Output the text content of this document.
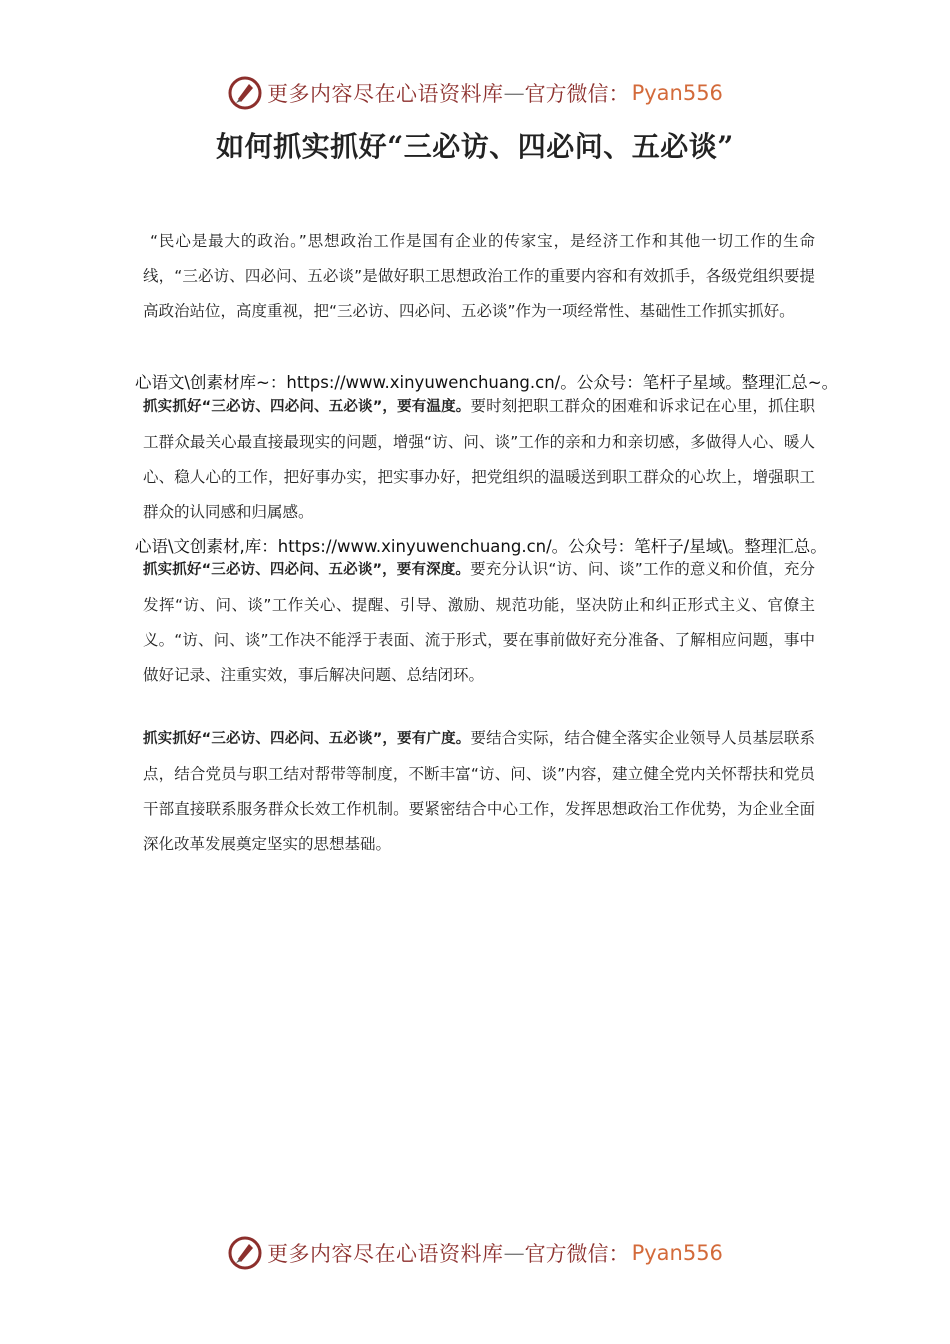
更多内容尽在心语资料库 — 官方微信： Pyan556
如何抓实抓好“三必访、四必问、五必谈”
“民心是最大的政治。”思想政治工作是国有企业的传家宝，是经济工作和其他一切工作的生命线，“三必访、四必问、五必谈”是做好职工思想政治工作的重要内容和有效抓手，各级党组织要提高政治站位，高度重视，把“三必访、四必问、五必谈”作为一项经常性、基础性工作抓实抓好。
心语文\创素材库~：https://www.xinyuwenchuang.cn/。公众号：笔杆子星域。整理汇总~。
抓实抓好“三必访、四必问、五必谈”，要有温度。要时刻把职工群众的困难和诉求记在心里，抓住职工群众最关心最直接最现实的问题，增强“访、问、谈”工作的亲和力和亲切感，多做得人心、暖人心、稳人心的工作，把好事办实，把实事办好，把党组织的温暖送到职工群众的心坎上，增强职工群众的认同感和归属感。
心语\文创素材,库：https://www.xinyuwenchuang.cn/。公众号：笔杆子/星域\。整理汇总。
抓实抓好“三必访、四必问、五必谈”，要有深度。要充分认识“访、问、谈”工作的意义和价值，充分发挥“访、问、谈”工作关心、提醒、引导、激励、规范功能，坚决防止和纠正形式主义、官僚主义。“访、问、谈”工作决不能浮于表面、流于形式，要在事前做好充分准备、了解相应问题，事中做好记录、注重实效，事后解决问题、总结闭环。
抓实抓好“三必访、四必问、五必谈”，要有广度。要结合实际，结合健全落实企业领导人员基层联系点，结合党员与职工结对帮带等制度，不断丰富“访、问、谈”内容，建立健全党内关怀帮扶和党员干部直接联系服务群众长效工作机制。要紧密结合中心工作，发挥思想政治工作优势，为企业全面深化改革发展奠定坚实的思想基础。
更多内容尽在心语资料库 — 官方微信： Pyan556
